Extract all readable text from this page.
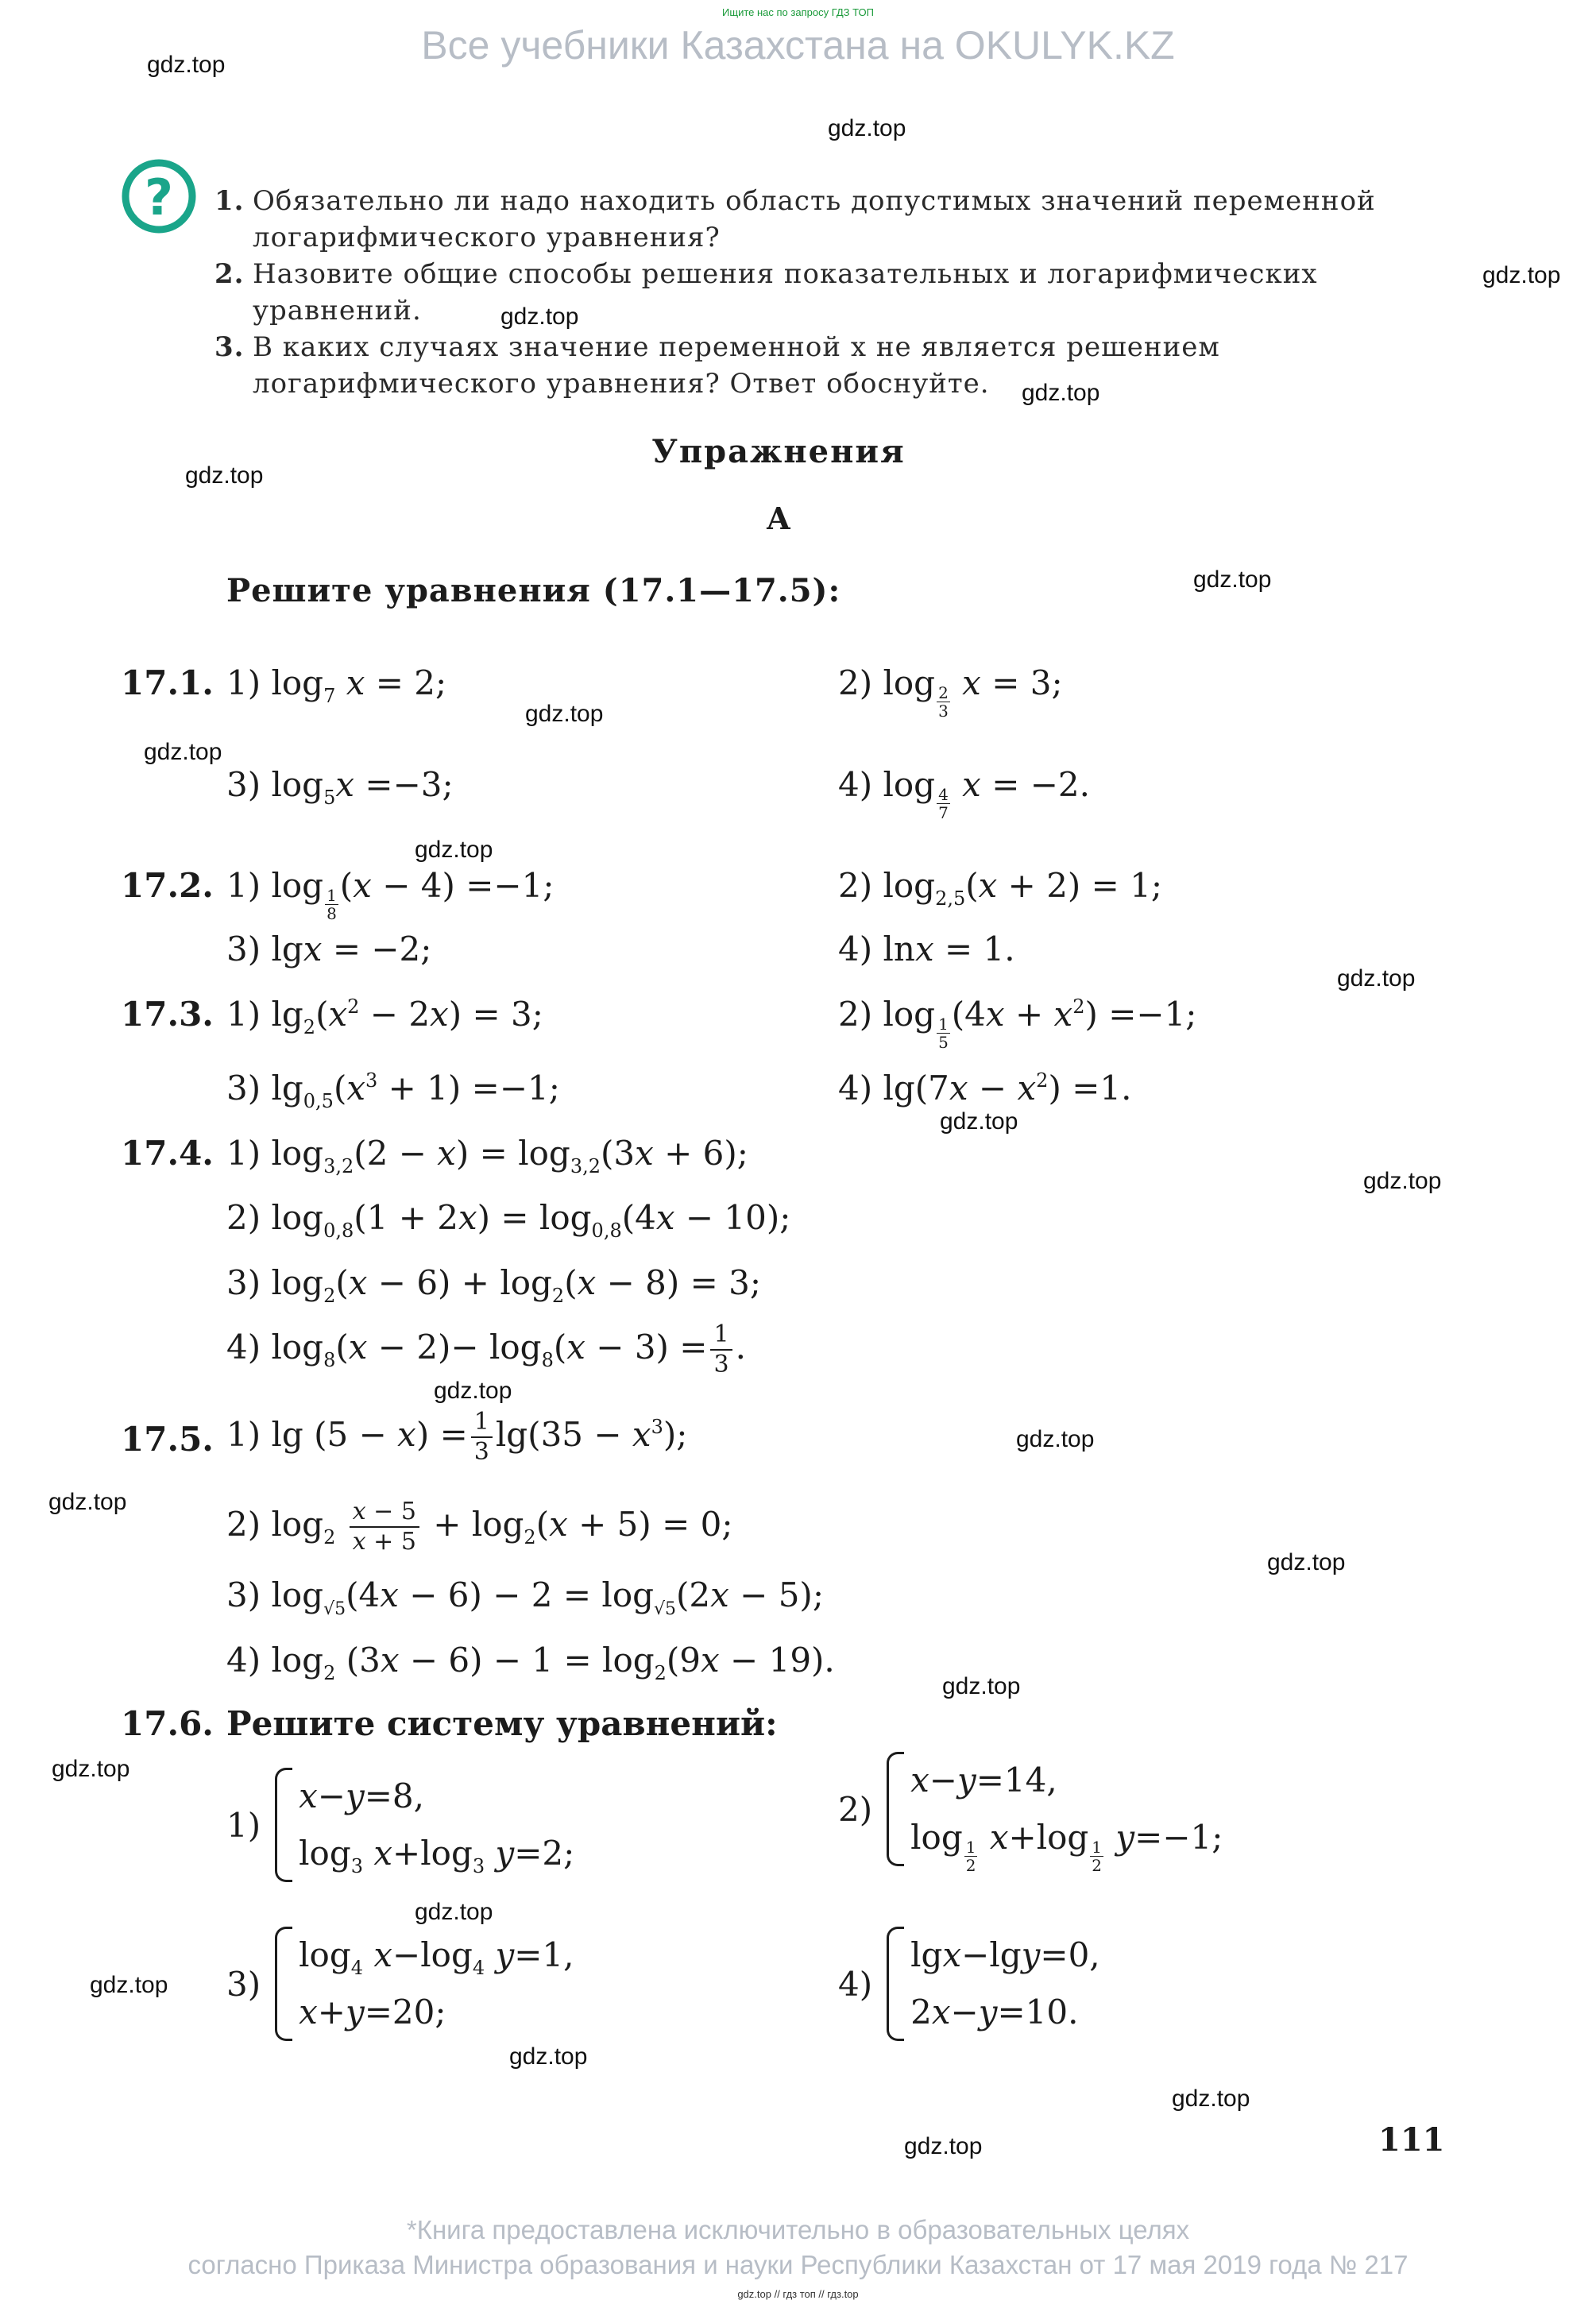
Ищите нас по запросу ГДЗ ТОП
Все учебники Казахстана на OKULYK.KZ
gdz.top
gdz.top
gdz.top
gdz.top
gdz.top
gdz.top
gdz.top
gdz.top
gdz.top
gdz.top
gdz.top
gdz.top
gdz.top
gdz.top
gdz.top
gdz.top
gdz.top
gdz.top
gdz.top
gdz.top
gdz.top
gdz.top
gdz.top
gdz.top
? 1. Обязательно ли надо находить область допустимых значений переменной логарифмического уравнения?
2. Назовите общие способы решения показательных и логарифмических уравнений.
3. В каких случаях значение переменной x не является решением логарифмического уравнения? Ответ обоснуйте.
Упражнения
А
Решите уравнения (17.1—17.5):
17.1. 1) $\log_7 x = 2$;	2) $\log \frac{2}{3}$ x = 3;
3) $\log_5x =-3$;	4) $\log \frac{4}{7}$ x = −2.
17.2. 1) $\log \frac{1}{8} (x - 4) =-1$;	2) $\log_{2,5}(x + 2) = 1$;
3) lgx = −2;	4) lnx = 1.
17.3. 1) $\lg_2(x^2 - 2x) = 3$;	2) $\log \frac{1}{5} (4x + x^2) =-1$;
3) $\lg_{0,5}(x^3 + 1) =-1$;	4) $\lg(7x - x^2) =1$.
17.4. 1) $\log_{3,2}(2 - x) = \log_{3,2}(3x + 6)$;
2) $\log_{0,8}(1 + 2x) = \log_{0,8}(4x - 10)$;
3) $\log_2(x - 6) + \log_2(x - 8) = 3$;
4) $\log_8(x - 2)- \log_8(x - 3) = \frac{1}{3}$ .
17.5. 1) $\lg (5 - x) = \frac{1}{3} \lg(35 - x^3)$;
2) $\log_2 \frac{x - 5}{x + 5} + \log_2(x + 5) = 0$;
3) $\log_{√5}(4x - 6) - 2 = \log_{√5}(2x - 5)$;
4) $\log_2 (3x - 6) - 1 = \log_2(9x - 19)$.
17.6. Решите систему уравнений:
1)
x−y=8,
$\log_3 x+\log_3$ y=2;
2)
x−y=14,
$\log \frac{1}{2} x+\log \frac{1}{2} y=-1$;
3)
$\log_4 x-\log_4$ y=1,
x+y=20;
4)
lgx−lgy=0,
2x−y=10.
111
*Книга предоставлена исключительно в образовательных целях
согласно Приказа Министра образования и науки Республики Казахстан от 17 мая 2019 года № 217
gdz.top // гдз топ // гдз.top
